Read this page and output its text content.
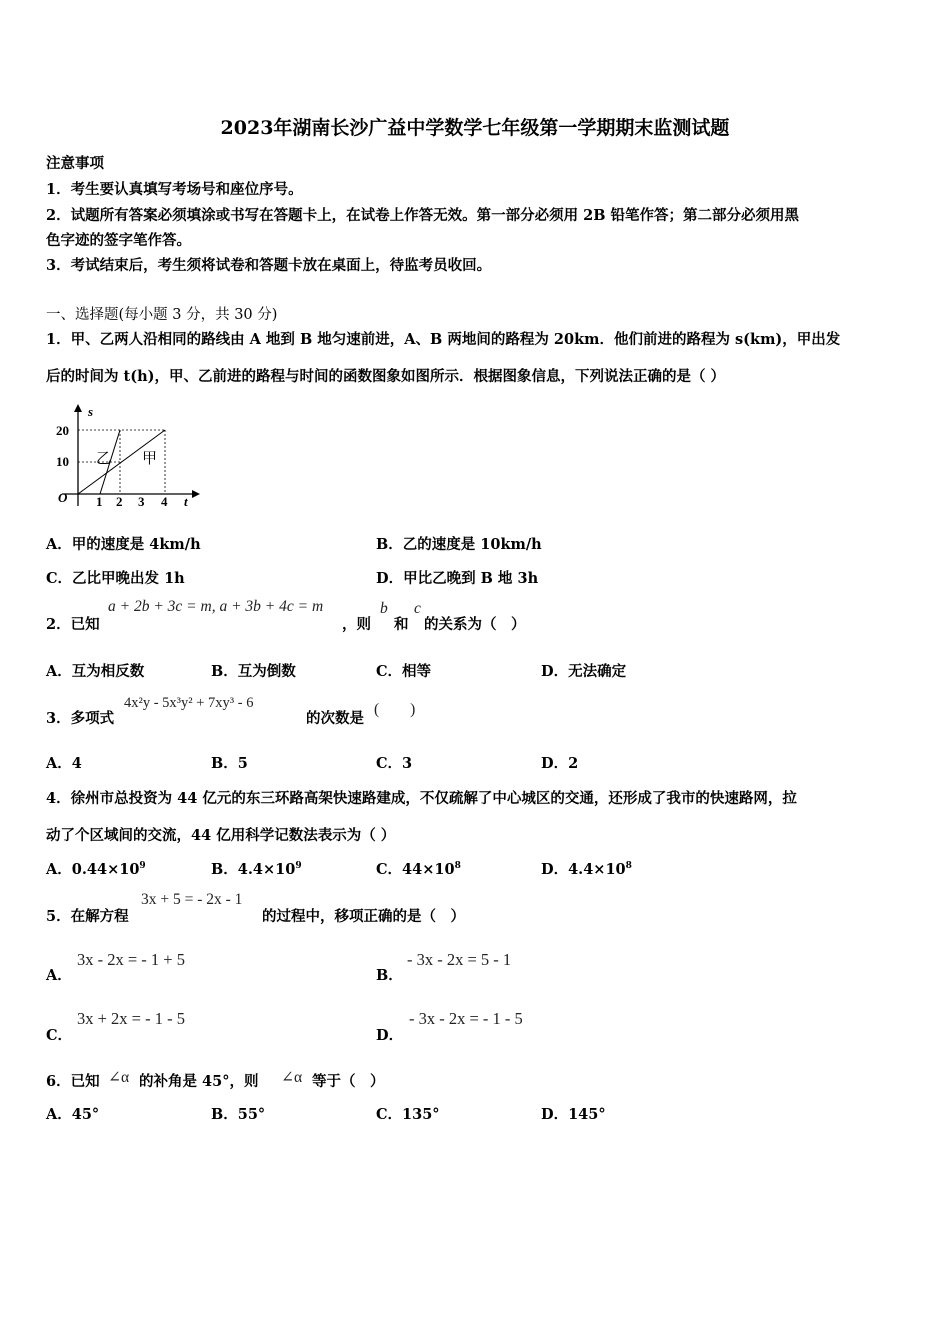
2023年湖南长沙广益中学数学七年级第一学期期末监测试题
注意事项
1．考生要认真填写考场号和座位序号。
2．试题所有答案必须填涂或书写在答题卡上，在试卷上作答无效。第一部分必须用 2B 铅笔作答；第二部分必须用黑
色字迹的签字笔作答。
3．考试结束后，考生须将试卷和答题卡放在桌面上，待监考员收回。
一、选择题(每小题 3 分，共 30 分)
1．甲、乙两人沿相同的路线由 A 地到 B 地匀速前进，A、B 两地间的路程为 20km．他们前进的路程为 s(km)，甲出发
后的时间为 t(h)，甲、乙前进的路程与时间的函数图象如图所示．根据图象信息，下列说法正确的是（ ）
s
20
10
O 1 2 3 4 t
乙 甲
A．甲的速度是 4km/h	B．乙的速度是 10km/h
C．乙比甲晚出发 1h	D．甲比乙晚到 B 地 3h
2．已知
a + 2b + 3c = m, a + 3b + 4c = m
，则
b
和
c
的关系为（　）
A．互为相反数	B．互为倒数	C．相等	D．无法确定
3．多项式
4x²y - 5x³y² + 7xy³ - 6
的次数是
(　　)
A．4	B．5	C．3	D．2
4．徐州市总投资为 44 亿元的东三环路高架快速路建成，不仅疏解了中心城区的交通，还形成了我市的快速路网，拉
动了个区域间的交流，44 亿用科学记数法表示为（ ）
A．$0.44\times 10^9$	B．$4.4\times 10^9$	C．$44\times 10^8$	D．$4.4\times 10^8$
5．在解方程
3x + 5 = - 2x - 1
的过程中，移项正确的是（　）
A．
3x - 2x = - 1 + 5
B．
- 3x - 2x = 5 - 1
C．
3x + 2x = - 1 - 5
D．
- 3x - 2x = - 1 - 5
6．已知 ∠α 的补角是 45°，则 ∠α 等于（　）
A．45°	B．55°	C．135°	D．145°
